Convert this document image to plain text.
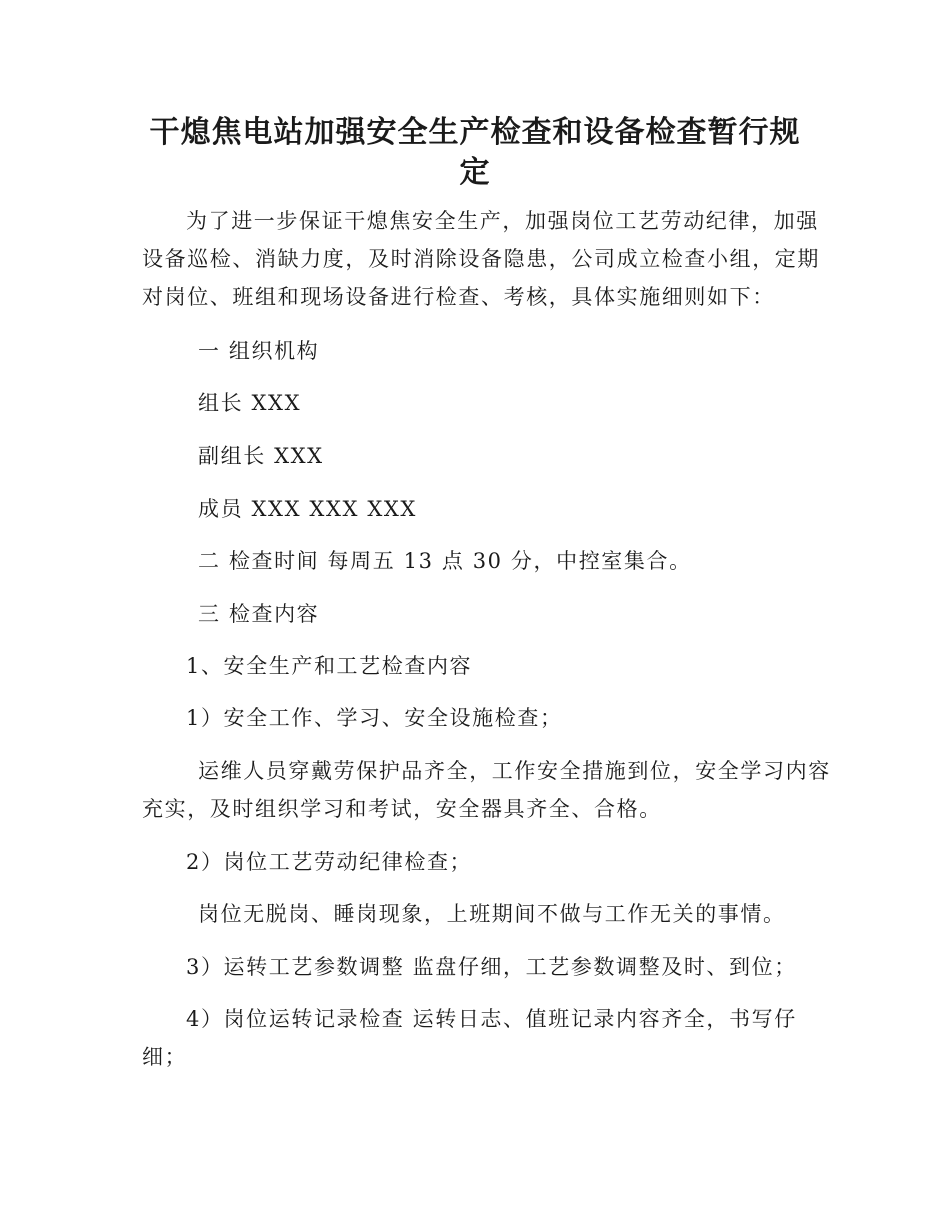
干熄焦电站加强安全生产检查和设备检查暂行规
定

为了进一步保证干熄焦安全生产，加强岗位工艺劳动纪律，加强

设备巡检、消缺力度，及时消除设备隐患，公司成立检查小组，定期

对岗位、班组和现场设备进行检查、考核，具体实施细则如下：

一 组织机构

组长 XXX

副组长 XXX

成员 XXX XXX XXX

二 检查时间 每周五 13 点 30 分，中控室集合。

三 检查内容

1、安全生产和工艺检查内容

1）安全工作、学习、安全设施检查；

运维人员穿戴劳保护品齐全，工作安全措施到位，安全学习内容

充实，及时组织学习和考试，安全器具齐全、合格。

2）岗位工艺劳动纪律检查；

岗位无脱岗、睡岗现象，上班期间不做与工作无关的事情。

3）运转工艺参数调整 监盘仔细，工艺参数调整及时、到位；

4）岗位运转记录检查 运转日志、值班记录内容齐全，书写仔

细；
